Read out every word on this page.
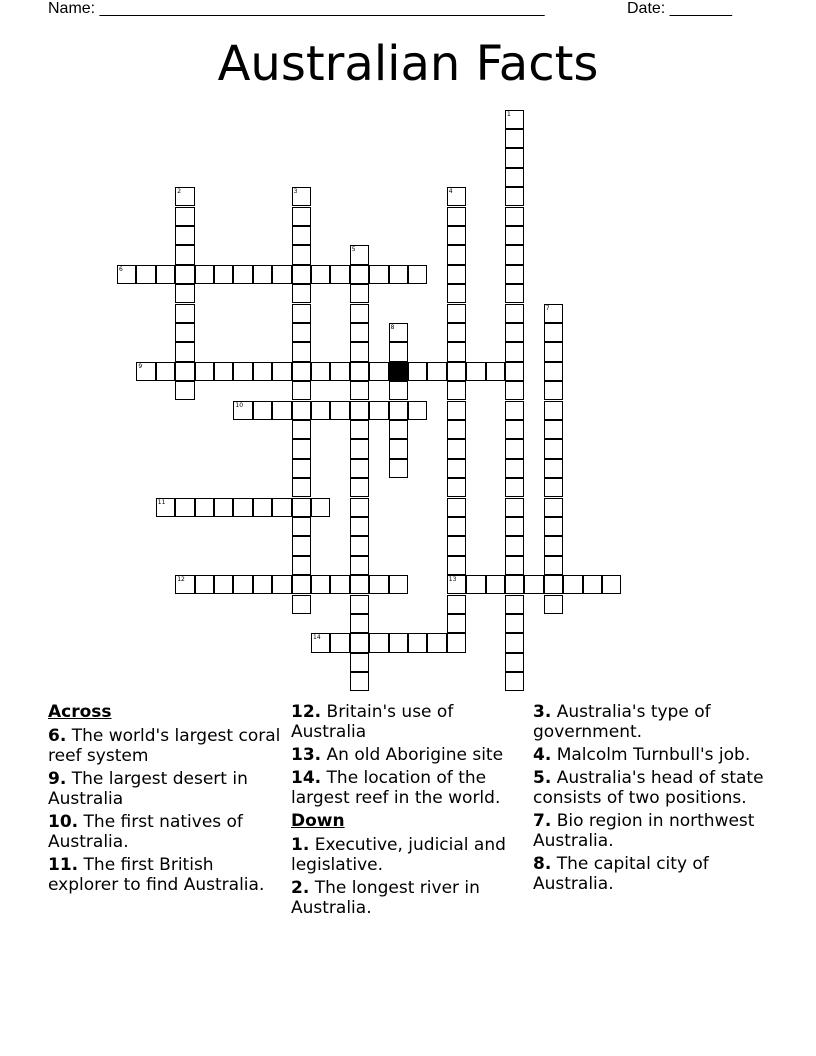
Name: __________________________________________________	Date: _______
Australian Facts
1
2	3	4
13
5
6
7
8
9
10
11
12
14
Across
6. The world's largest coral reef system
9. The largest desert in Australia
10. The first natives of Australia.
11. The first British explorer to find Australia.
12. Britain's use of Australia
13. An old Aborigine site
14. The location of the largest reef in the world.
Down
1. Executive, judicial and legislative.
2. The longest river in Australia.
3. Australia's type of government.
4. Malcolm Turnbull's job.
5. Australia's head of state consists of two positions.
7. Bio region in northwest Australia.
8. The capital city of Australia.
